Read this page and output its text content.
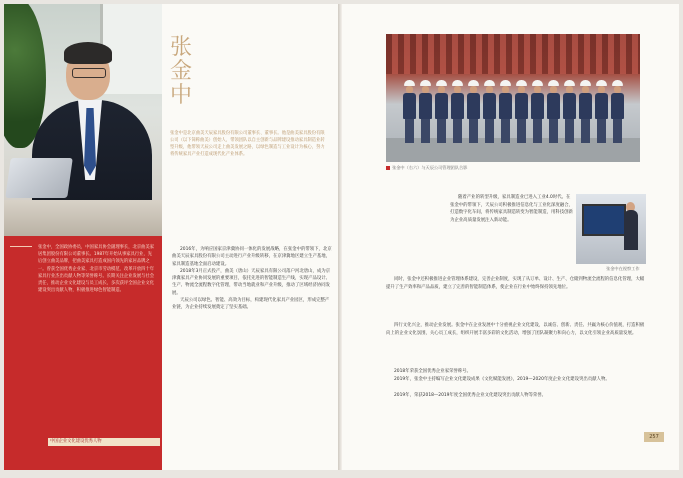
张
金
中
张金中是北京曲美天辰家具股份有限公司董事长、董事长。他是曲美家具股份有限公司（以下简称曲美）创始人，带领团队以自主创新与品牌建设推动家具制造业转型升级，他带领天辰公司走上曲美发展之路，以绿色制造与工业设计为核心，努力将传统家具产业打造成现代化产业体系。
张金中，全国政协委员，中国家具协会副理事长，北京曲美家居集团股份有限公司董事长。1987年开始从事家具行业，先后创立曲美品牌，把曲美家具打造成国内领先的家居品牌之一。曾获全国优秀企业家、北京市劳动模范、改革开放四十年家具行业杰出贡献人物等荣誉称号。长期关注企业发展与社会责任，推动企业文化建设与员工成长，多次获评全国企业文化建设突出贡献人物，积极推进绿色智能制造。
中国企业文化建设优秀人物

2016年，为响应国家京津冀协同一体化的发展战略，在张金中的带领下，北京曲美天辰家具股份有限公司主动进行产业升级转移，在京津冀地区建立生产基地，家具制造基地全面启动建设。

2018年3月正式投产，曲美（唐山）天辰家具有限公司落户河北唐山，成为京津冀家具产业协同发展的重要项目，依托先进的智能制造生产线，实现产品设计、生产、物流全流程数字化管理，带动当地就业和产业升级，推动了区域经济协同发展。

天辰公司以绿色、智能、高效为目标，构建现代化家具产业园区，形成完整产业链，为企业持续发展奠定了坚实基础。

张金中（右六）与天辰公司管理团队合影
随着产业的转型升级，家具制造业已进入工业4.0时代。在张金中的带领下，天辰公司积极推进信息化与工业化深度融合，打造数字化车间，将传统家具制造转变为智能制造，用科技创新为企业高质量发展注入新动能。
张金中在视察工作
同时，张金中还积极推进企业管理体系建设，完善企业制度，实现了从订单、设计、生产、仓储到物流全流程的信息化管理，大幅提升了生产效率和产品品质，建立了完善的智能制造体系，使企业在行业中始终保持领先地位。
四行文化兴企，推动企业发展。张金中在企业发展中十分重视企业文化建设，以诚信、创新、责任、共赢为核心价值观，打造积极向上的企业文化氛围，关心员工成长，组织开展丰富多彩的文化活动，增强了团队凝聚力和向心力，以文化引领企业高质量发展。
2018年荣获全国优秀企业家荣誉称号。
2019年，张金中主持编写企业文化建设成果《文化赋能发展》，2019—2020年度企业文化建设突出贡献人物。
2019年，荣获2018—2019年度全国优秀企业文化建设突出贡献人物等荣誉。
257
